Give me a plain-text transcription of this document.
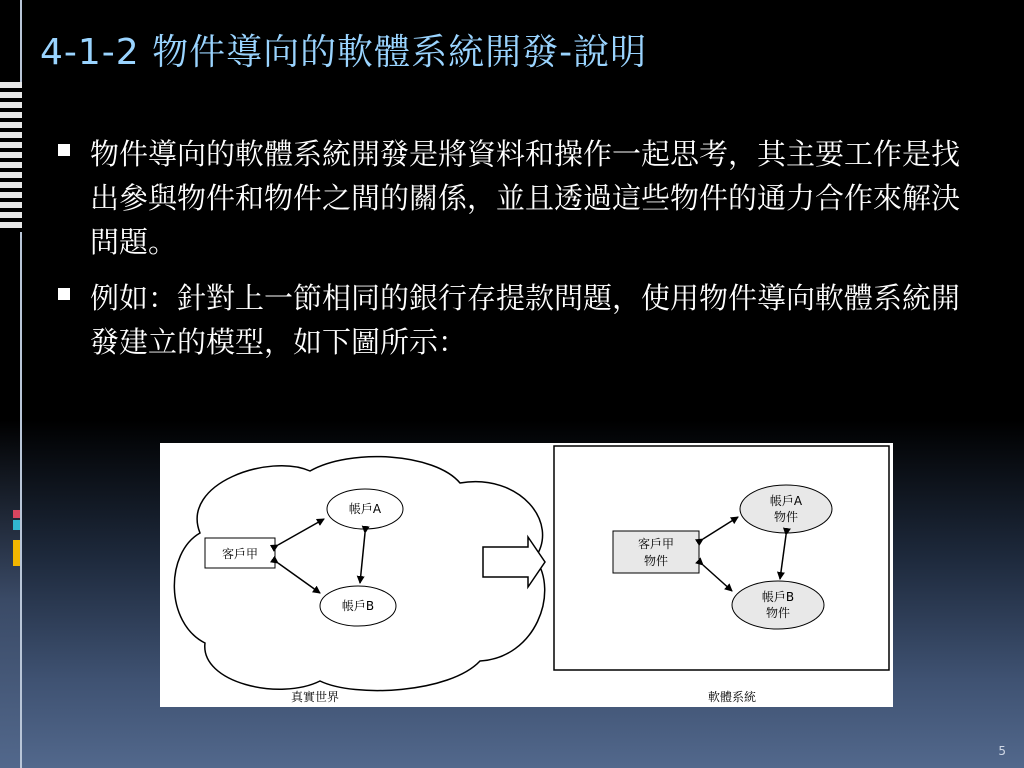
4-1-2 物件導向的軟體系統開發-說明
物件導向的軟體系統開發是將資料和操作一起思考，其主要工作是找出參與物件和物件之間的關係，並且透過這些物件的通力合作來解決問題。
例如：針對上一節相同的銀行存提款問題，使用物件導向軟體系統開發建立的模型，如下圖所示：
客戶甲
帳戶A
帳戶B
真實世界
客戶甲
物件
帳戶A
物件
帳戶B
物件
軟體系統
5
